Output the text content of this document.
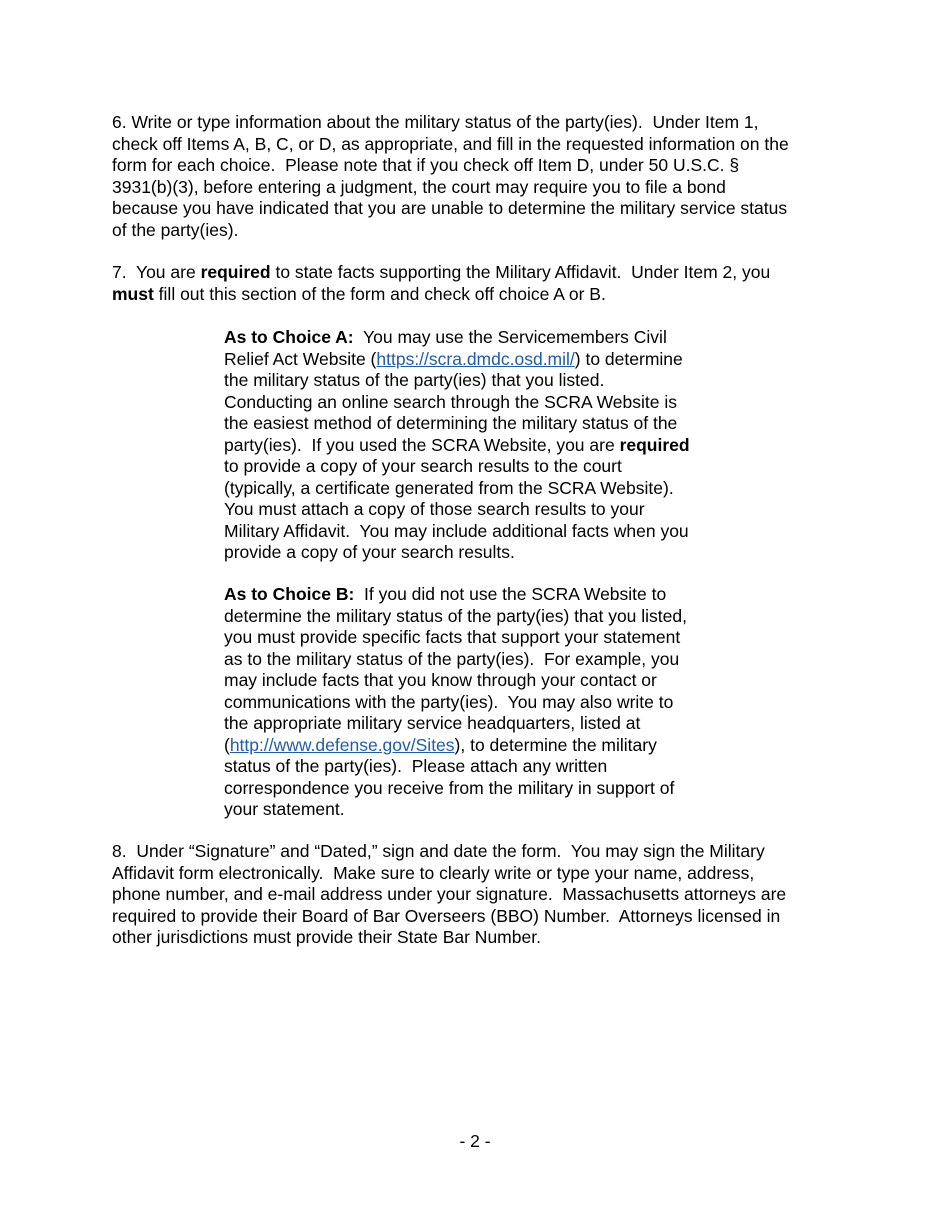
6. Write or type information about the military status of the party(ies).  Under Item 1,
check off Items A, B, C, or D, as appropriate, and fill in the requested information on the
form for each choice.  Please note that if you check off Item D, under 50 U.S.C. §
3931(b)(3), before entering a judgment, the court may require you to file a bond
because you have indicated that you are unable to determine the military service status
of the party(ies).

7.  You are required to state facts supporting the Military Affidavit.  Under Item 2, you
must fill out this section of the form and check off choice A or B.

As to Choice A:  You may use the Servicemembers Civil
Relief Act Website (https://scra.dmdc.osd.mil/) to determine
the military status of the party(ies) that you listed.
Conducting an online search through the SCRA Website is
the easiest method of determining the military status of the
party(ies).  If you used the SCRA Website, you are required
to provide a copy of your search results to the court
(typically, a certificate generated from the SCRA Website).
You must attach a copy of those search results to your
Military Affidavit.  You may include additional facts when you
provide a copy of your search results.

As to Choice B:  If you did not use the SCRA Website to
determine the military status of the party(ies) that you listed,
you must provide specific facts that support your statement
as to the military status of the party(ies).  For example, you
may include facts that you know through your contact or
communications with the party(ies).  You may also write to
the appropriate military service headquarters, listed at
(http://www.defense.gov/Sites), to determine the military
status of the party(ies).  Please attach any written
correspondence you receive from the military in support of
your statement.

8.  Under “Signature” and “Dated,” sign and date the form.  You may sign the Military
Affidavit form electronically.  Make sure to clearly write or type your name, address,
phone number, and e-mail address under your signature.  Massachusetts attorneys are
required to provide their Board of Bar Overseers (BBO) Number.  Attorneys licensed in
other jurisdictions must provide their State Bar Number.

- 2 -
